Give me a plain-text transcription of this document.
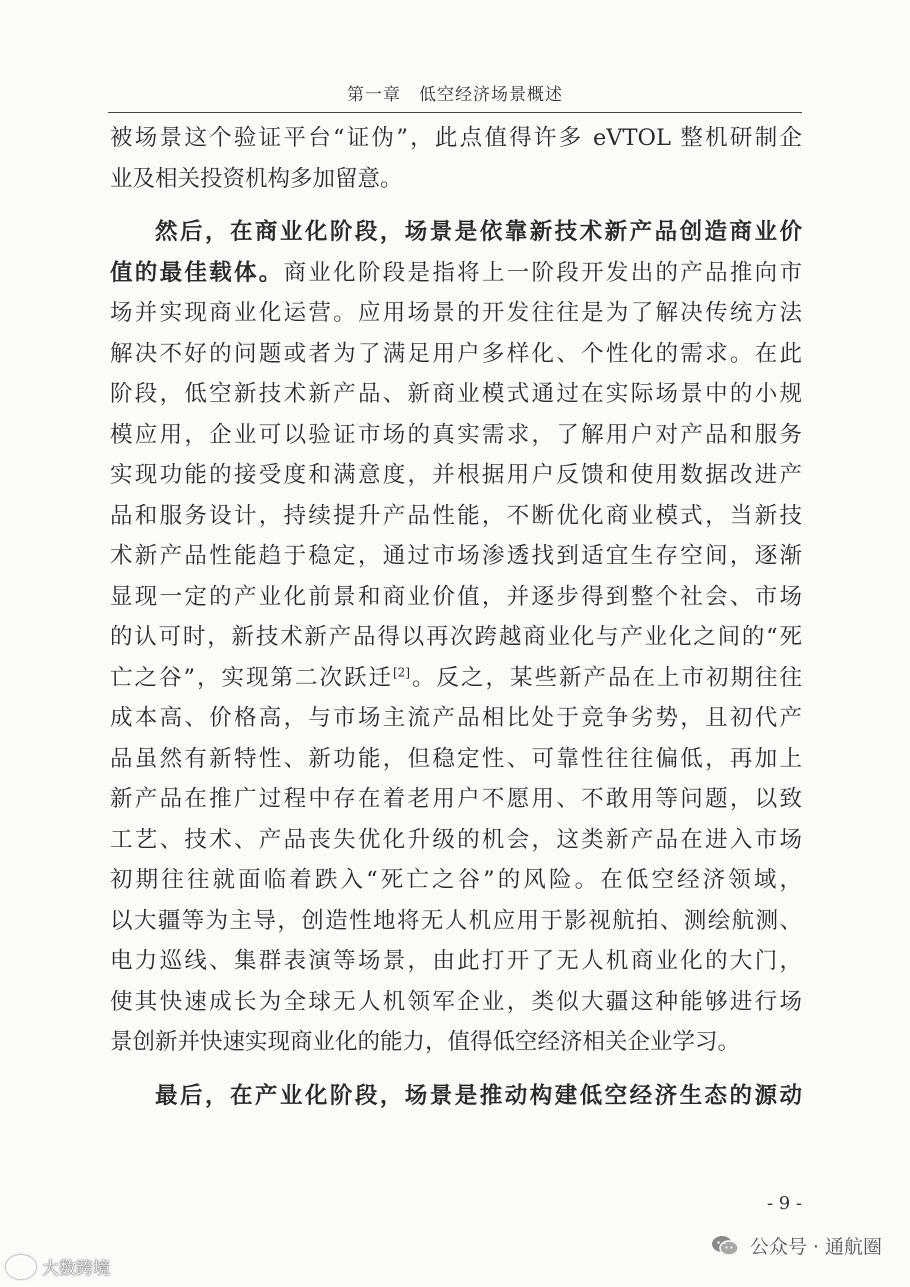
第一章　低空经济场景概述
被场景这个验证平台“证伪”，此点值得许多 eVTOL 整机研制企
业及相关投资机构多加留意。
然后，在商业化阶段，场景是依靠新技术新产品创造商业价
值的最佳载体。商业化阶段是指将上一阶段开发出的产品推向市
场并实现商业化运营。应用场景的开发往往是为了解决传统方法
解决不好的问题或者为了满足用户多样化、个性化的需求。在此
阶段，低空新技术新产品、新商业模式通过在实际场景中的小规
模应用，企业可以验证市场的真实需求，了解用户对产品和服务
实现功能的接受度和满意度，并根据用户反馈和使用数据改进产
品和服务设计，持续提升产品性能，不断优化商业模式，当新技
术新产品性能趋于稳定，通过市场渗透找到适宜生存空间，逐渐
显现一定的产业化前景和商业价值，并逐步得到整个社会、市场
的认可时，新技术新产品得以再次跨越商业化与产业化之间的“死
亡之谷”，实现第二次跃迁[2]。反之，某些新产品在上市初期往往
成本高、价格高，与市场主流产品相比处于竞争劣势，且初代产
品虽然有新特性、新功能，但稳定性、可靠性往往偏低，再加上
新产品在推广过程中存在着老用户不愿用、不敢用等问题，以致
工艺、技术、产品丧失优化升级的机会，这类新产品在进入市场
初期往往就面临着跌入“死亡之谷”的风险。在低空经济领域，
以大疆等为主导，创造性地将无人机应用于影视航拍、测绘航测、
电力巡线、集群表演等场景，由此打开了无人机商业化的大门，
使其快速成长为全球无人机领军企业，类似大疆这种能够进行场
景创新并快速实现商业化的能力，值得低空经济相关企业学习。
最后，在产业化阶段，场景是推动构建低空经济生态的源动
- 9 -
大数跨境
公众号 · 通航圈
